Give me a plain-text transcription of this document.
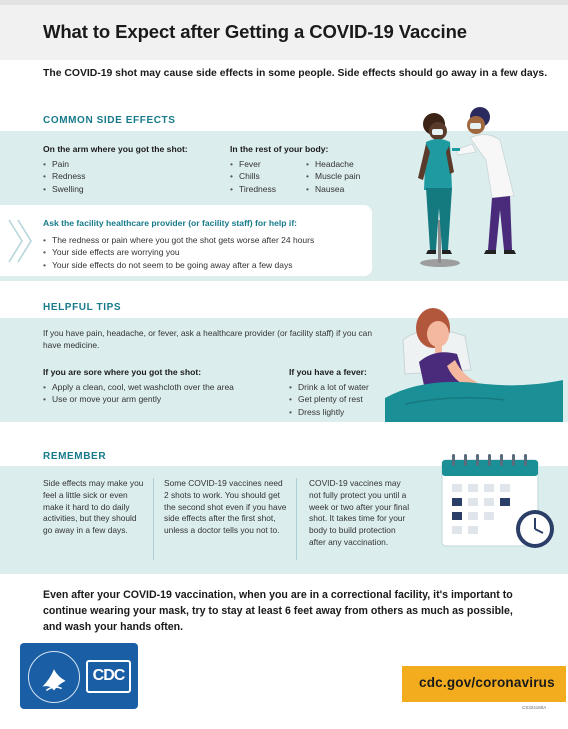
What to Expect after Getting a COVID-19 Vaccine
The COVID-19 shot may cause side effects in some people. Side effects should go away in a few days.
COMMON SIDE EFFECTS
On the arm where you got the shot:
• Pain
• Redness
• Swelling
In the rest of your body:
• Fever
• Chills
• Tiredness
• Headache
• Muscle pain
• Nausea
Ask the facility healthcare provider (or facility staff) for help if:
• The redness or pain where you got the shot gets worse after 24 hours
• Your side effects are worrying you
• Your side effects do not seem to be going away after a few days
HELPFUL TIPS
If you have pain, headache, or fever, ask a healthcare provider (or facility staff) if you can have medicine.
If you are sore where you got the shot:
• Apply a clean, cool, wet washcloth over the area
• Use or move your arm gently
If you have a fever:
• Drink a lot of water
• Get plenty of rest
• Dress lightly
REMEMBER
Side effects may make you feel a little sick or even make it hard to do daily activities, but they should go away in a few days.
Some COVID-19 vaccines need 2 shots to work. You should get the second shot even if you have side effects after the first shot, unless a doctor tells you not to.
COVID-19 vaccines may not fully protect you until a week or two after your final shot. It takes time for your body to build protection after any vaccination.
Even after your COVID-19 vaccination, when you are in a correctional facility, it's important to continue wearing your mask, try to stay at least 6 feet away from others as much as possible, and wash your hands often.
CDC	cdc.gov/coronavirus
CS324160A
